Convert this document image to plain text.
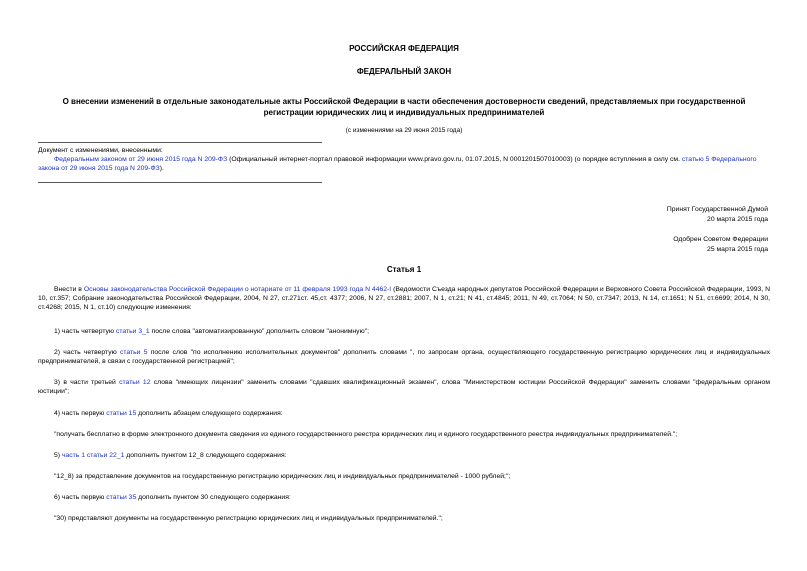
РОССИЙСКАЯ ФЕДЕРАЦИЯ
ФЕДЕРАЛЬНЫЙ ЗАКОН
О внесении изменений в отдельные законодательные акты Российской Федерации в части обеспечения достоверности сведений, представляемых при государственной регистрации юридических лиц и индивидуальных предпринимателей
(с изменениями на 29 июня 2015 года)

Документ с изменениями, внесенными:

Федеральным законом от 29 июня 2015 года N 209-ФЗ (Официальный интернет-портал правовой информации www.pravo.gov.ru, 01.07.2015, N 0001201507010003) (о порядке вступления в силу см. статью 5 Федерального закона от 29 июня 2015 года N 209-ФЗ).

Принят Государственной Думой
20 марта 2015 года
Одобрен Советом Федерации
25 марта 2015 года
Статья 1

Внести в Основы законодательства Российской Федерации о нотариате от 11 февраля 1993 года N 4462-I (Ведомости Съезда народных депутатов Российской Федерации и Верховного Совета Российской Федерации, 1993, N 10, ст.357; Собрание законодательства Российской Федерации, 2004, N 27, ст.271ст. 45,ст. 4377; 2006, N 27, ст.2881; 2007, N 1, ст.21; N 41, ст.4845; 2011, N 49, ст.7064; N 50, ст.7347; 2013, N 14, ст.1651; N 51, ст.6699; 2014, N 30, ст.4268; 2015, N 1, ст.10) следующие изменения:

1) часть четвертую статьи 3_1 после слова "автоматизированную" дополнить словом "анонимную";

2) часть четвертую статьи 5 после слов "по исполнению исполнительных документов" дополнить словами ", по запросам органа, осуществляющего государственную регистрацию юридических лиц и индивидуальных предпринимателей, в связи с государственной регистрацией";

3) в части третьей статьи 12 слова "имеющих лицензии" заменить словами "сдавших квалификационный экзамен", слова "Министерством юстиции Российской Федерации" заменить словами "федеральным органом юстиции";

4) часть первую статьи 15 дополнить абзацем следующего содержания:

"получать бесплатно в форме электронного документа сведения из единого государственного реестра юридических лиц и единого государственного реестра индивидуальных предпринимателей.";

5) часть 1 статьи 22_1 дополнить пунктом 12_8 следующего содержания:

"12_8) за представление документов на государственную регистрацию юридических лиц и индивидуальных предпринимателей - 1000 рублей;";

6) часть первую статьи 35 дополнить пунктом 30 следующего содержания:

"30) представляют документы на государственную регистрацию юридических лиц и индивидуальных предпринимателей.";
